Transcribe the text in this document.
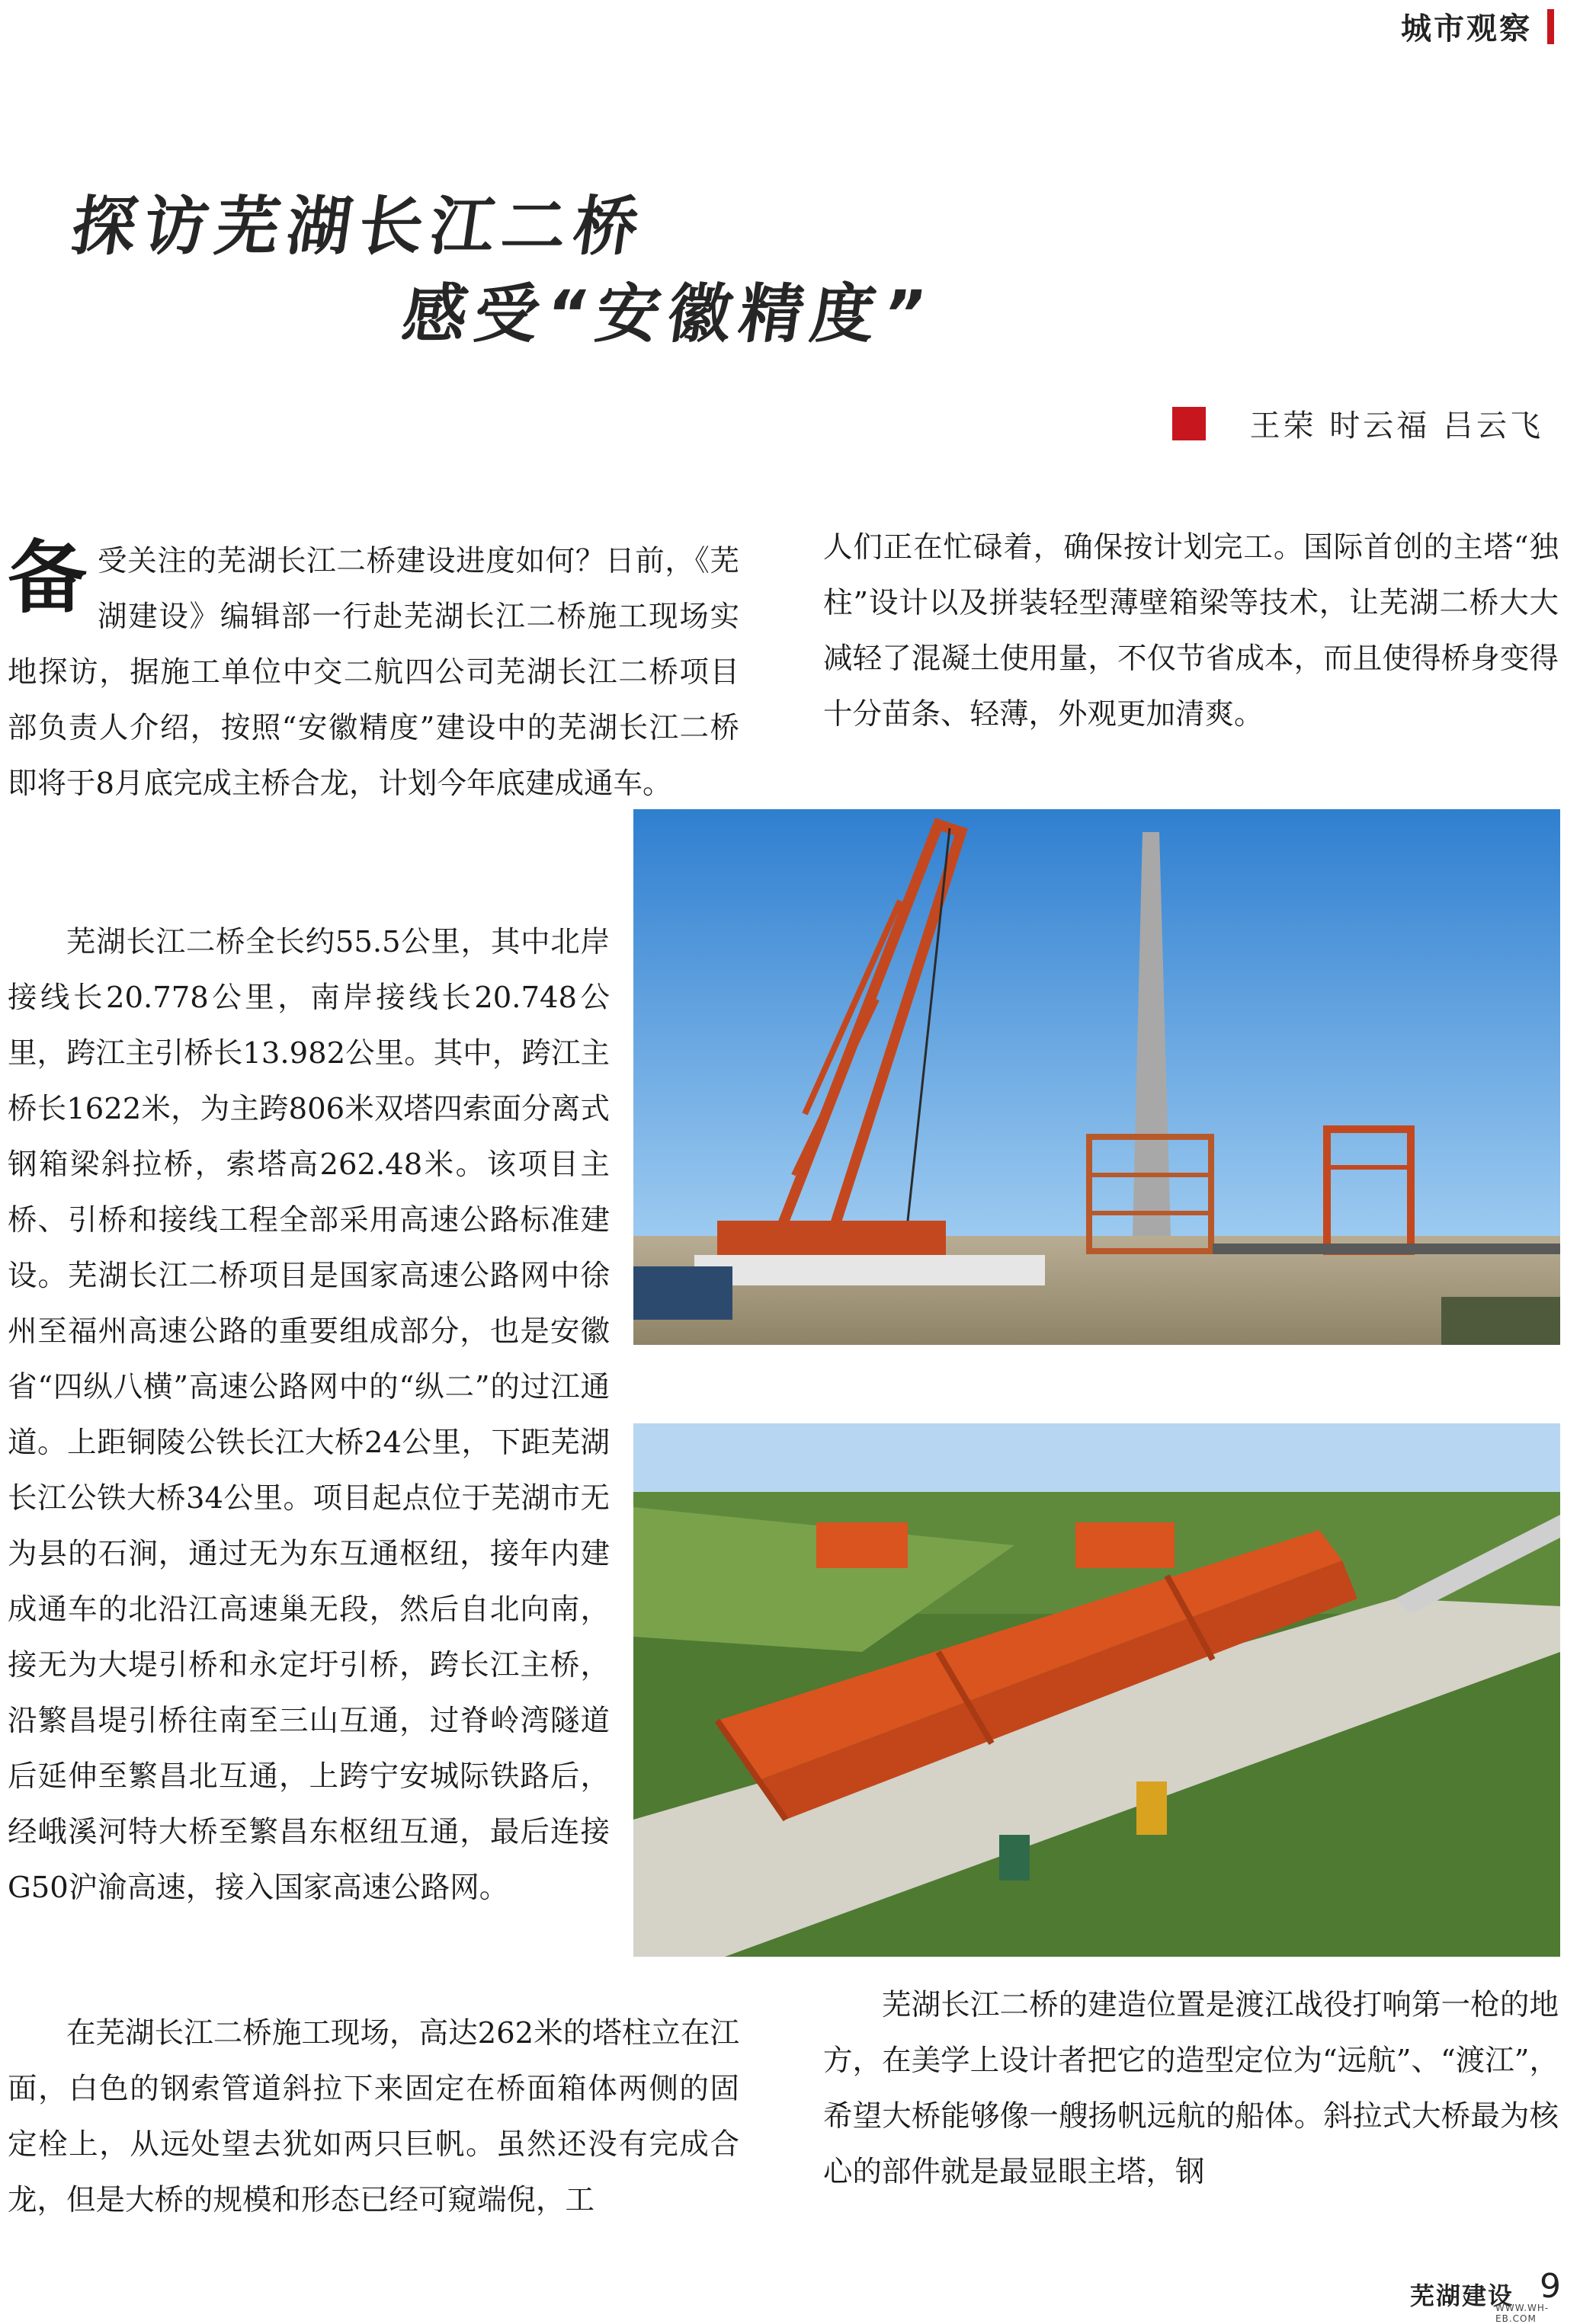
城市观察
探访芜湖长江二桥
感受“安徽精度”
王荣 时云福 吕云飞

备受关注的芜湖长江二桥建设进度如何？日前，《芜湖建设》编辑部一行赴芜湖长江二桥施工现场实地探访，据施工单位中交二航四公司芜湖长江二桥项目部负责人介绍，按照“安徽精度”建设中的芜湖长江二桥即将于8月底完成主桥合龙，计划今年底建成通车。

芜湖长江二桥全长约55.5公里，其中北岸接线长20.778公里，南岸接线长20.748公里，跨江主引桥长13.982公里。其中，跨江主桥长1622米，为主跨806米双塔四索面分离式钢箱梁斜拉桥，索塔高262.48米。该项目主桥、引桥和接线工程全部采用高速公路标准建设。芜湖长江二桥项目是国家高速公路网中徐州至福州高速公路的重要组成部分，也是安徽省“四纵八横”高速公路网中的“纵二”的过江通道。上距铜陵公铁长江大桥24公里，下距芜湖长江公铁大桥34公里。项目起点位于芜湖市无为县的石涧，通过无为东互通枢纽，接年内建成通车的北沿江高速巢无段，然后自北向南，接无为大堤引桥和永定圩引桥，跨长江主桥，沿繁昌堤引桥往南至三山互通，过脊岭湾隧道后延伸至繁昌北互通，上跨宁安城际铁路后，经峨溪河特大桥至繁昌东枢纽互通，最后连接G50沪渝高速，接入国家高速公路网。

在芜湖长江二桥施工现场，高达262米的塔柱立在江面，白色的钢索管道斜拉下来固定在桥面箱体两侧的固定栓上，从远处望去犹如两只巨帆。虽然还没有完成合龙，但是大桥的规模和形态已经可窥端倪，工

人们正在忙碌着，确保按计划完工。国际首创的主塔“独柱”设计以及拼装轻型薄壁箱梁等技术，让芜湖二桥大大减轻了混凝土使用量，不仅节省成本，而且使得桥身变得十分苗条、轻薄，外观更加清爽。

芜湖长江二桥的建造位置是渡江战役打响第一枪的地方，在美学上设计者把它的造型定位为“远航”、“渡江”，希望大桥能够像一艘扬帆远航的船体。斜拉式大桥最为核心的部件就是最显眼主塔，钢

芜湖建设 9
WWW.WH-EB.COM
